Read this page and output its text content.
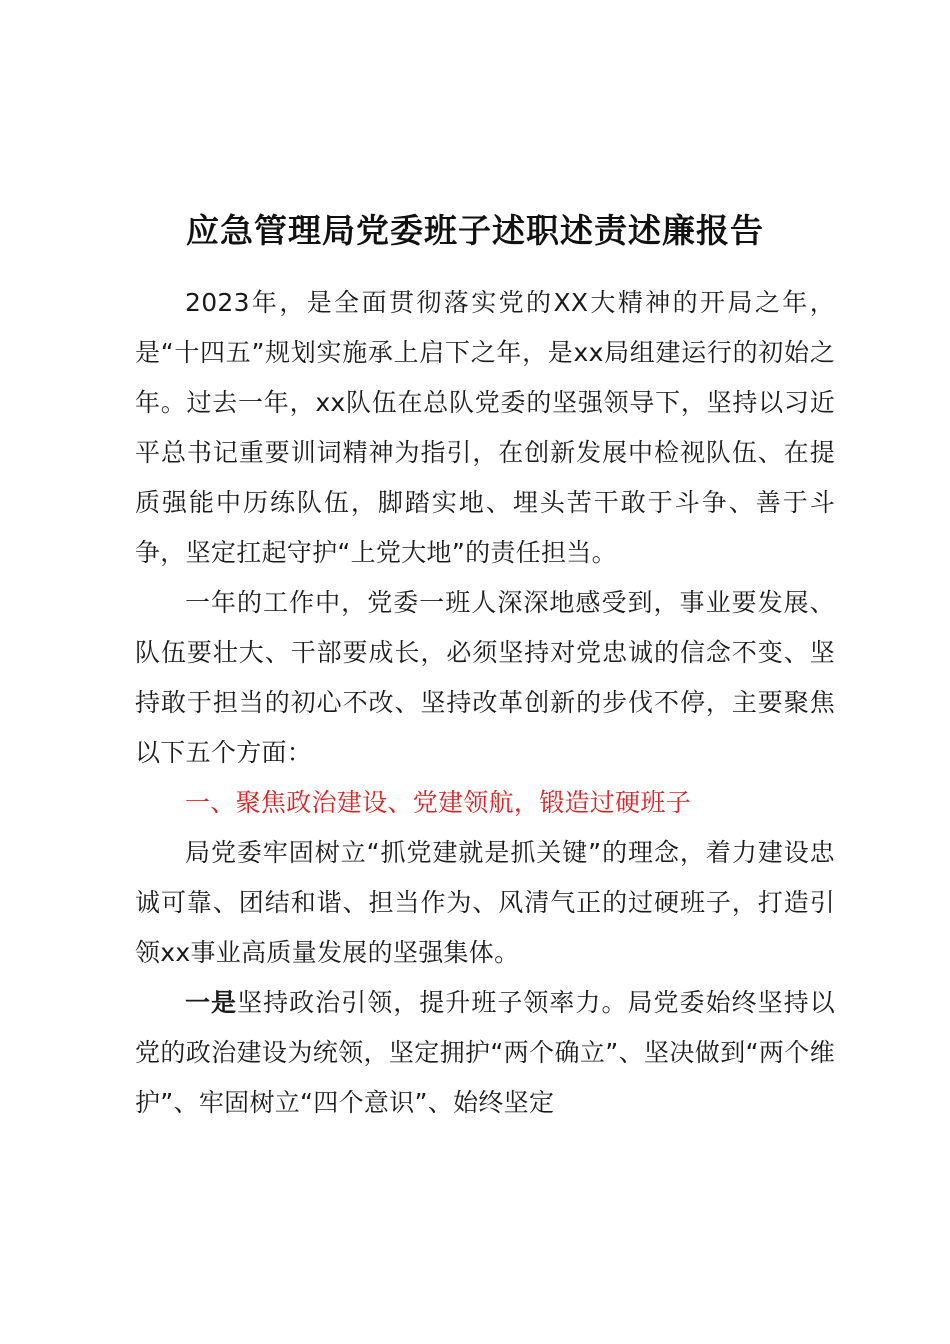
应急管理局党委班子述职述责述廉报告

2023年，是全面贯彻落实党的XX大精神的开局之年，是“十四五”规划实施承上启下之年，是xx局组建运行的初始之年。过去一年，xx队伍在总队党委的坚强领导下，坚持以习近平总书记重要训词精神为指引，在创新发展中检视队伍、在提质强能中历练队伍，脚踏实地、埋头苦干敢于斗争、善于斗争，坚定扛起守护“上党大地”的责任担当。

一年的工作中，党委一班人深深地感受到，事业要发展、队伍要壮大、干部要成长，必须坚持对党忠诚的信念不变、坚持敢于担当的初心不改、坚持改革创新的步伐不停，主要聚焦以下五个方面：

一、聚焦政治建设、党建领航，锻造过硬班子

局党委牢固树立“抓党建就是抓关键”的理念，着力建设忠诚可靠、团结和谐、担当作为、风清气正的过硬班子，打造引领xx事业高质量发展的坚强集体。

一是坚持政治引领，提升班子领率力。局党委始终坚持以党的政治建设为统领，坚定拥护“两个确立”、坚决做到“两个维护”、牢固树立“四个意识”、始终坚定
